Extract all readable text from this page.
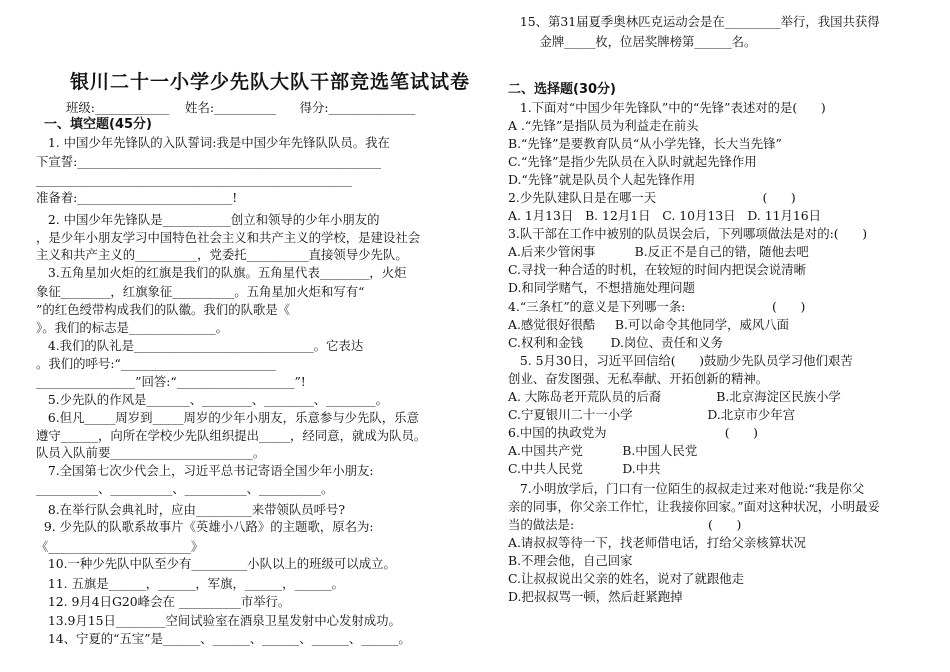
银川二十一小学少先队大队干部竞选笔试试卷
班级:____________    姓名:__________      得分:______________
一、填空题(45分)
1. 中国少年先锋队的入队誓词:我是中国少年先锋队队员。我在
下宣誓:_________________________________________________
___________________________________________________
准备着:_________________________!
2. 中国少年先锋队是___________创立和领导的少年小朋友的
，是少年小朋友学习中国特色社会主义和共产主义的学校，是建设社会
主义和共产主义的__________，党委托__________直接领导少先队。
3.五角星加火炬的红旗是我们的队旗。五角星代表________，火炬
象征________，红旗象征__________。五角星加火炬和写有“
”的红色绶带构成我们的队徽。我们的队歌是《
》。我们的标志是______________。
4.我们的队礼是_____________________________。它表达
。我们的呼号:“_________________________
________________”回答:“___________________”!
5.少先队的作风是_______、________、________、________。
6.但凡_____周岁到_____周岁的少年小朋友，乐意参与少先队，乐意
遵守______，向所在学校少先队组织提出_____，经同意，就成为队员。
队员入队前要_______________________。
7.全国第七次少代会上，习近平总书记寄语全国少年小朋友:
__________、__________、__________、__________。
8.在举行队会典礼时，应由_________来带领队员呼号?
9. 少先队的队歌系故事片《英雄小八路》的主题歌，原名为:
《_______________________》
10.一种少先队中队至少有_________小队以上的班级可以成立。
11. 五旗是______，______，军旗，______，______。
12. 9月4日G20峰会在 __________市举行。
13.9月15日________空间试验室在酒泉卫星发射中心发射成功。
14、宁夏的“五宝”是______、______、______、______、______。
15、第31届夏季奥林匹克运动会是在_________举行，我国共获得
金牌_____枚，位居奖牌榜第______名。
二、选择题(30分)
1.下面对“中国少年先锋队”中的“先锋”表述对的是(      )
A .“先锋”是指队员为利益走在前头
B.“先锋”是要教育队员“从小学先锋，长大当先锋”
C.“先锋”是指少先队员在入队时就起先锋作用
D.“先锋”就是队员个人起先锋作用
2.少先队建队日是在哪一天                           (      )
A. 1月13日   B. 12月1日   C. 10月13日   D. 11月16日
3.队干部在工作中被别的队员误会后，下列哪项做法是对的:(      )
A.后来少管闲事          B.反正不是自己的错，随他去吧
C.寻找一种合适的时机，在较短的时间内把误会说清晰
D.和同学赌气，不想措施处理问题
4.“三条杠”的意义是下列哪一条:                      (      )
A.感觉很好很酷     B.可以命令其他同学，威风八面
C.权利和金钱       D.岗位、责任和义务
5. 5月30日，习近平回信给(      )鼓励少先队员学习他们艰苦
创业、奋发图强、无私奉献、开拓创新的精神。
A. 大陈岛老开荒队员的后裔              B.北京海淀区民族小学
C.宁夏银川二十一小学                   D.北京市少年宫
6.中国的执政党为                              (      )
A.中国共产党          B.中国人民党
C.中共人民党          D.中共
7.小明放学后，门口有一位陌生的叔叔走过来对他说:“我是你父
亲的同事，你父亲工作忙，让我接你回家。”面对这种状况，小明最妥
当的做法是:                                  (      )
A.请叔叔等待一下，找老师借电话，打给父亲核算状况
B.不理会他，自己回家
C.让叔叔说出父亲的姓名，说对了就跟他走
D.把叔叔骂一顿，然后赶紧跑掉
